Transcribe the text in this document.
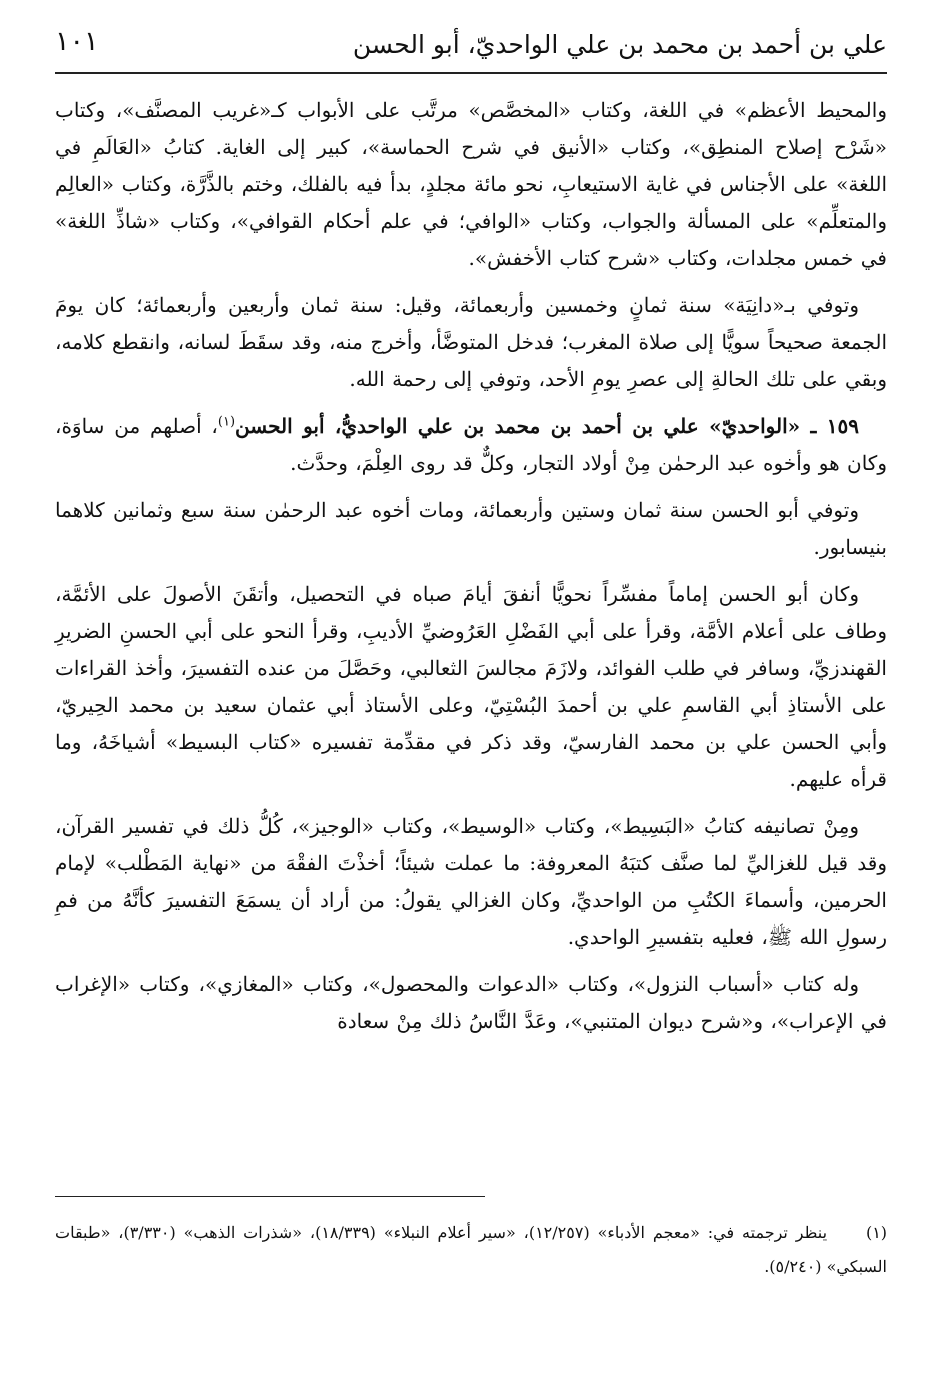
علي بن أحمد بن محمد بن علي الواحديّ، أبو الحسن
١٠١

والمحيط الأعظم» في اللغة، وكتاب «المخصَّص» مرتَّب على الأبواب كـ«غريب المصنَّف»، وكتاب «شَرْح إصلاح المنطِق»، وكتاب «الأنيق في شرح الحماسة»، كبير إلى الغاية. كتابُ «العَالَمِ في اللغة» على الأجناس في غاية الاستيعابِ، نحو مائة مجلدٍ، بدأ فيه بالفلك، وختم بالذَّرَّة، وكتاب «العالِم والمتعلِّم» على المسألة والجواب، وكتاب «الوافي؛ في علم أحكام القوافي»، وكتاب «شاذِّ اللغة» في خمس مجلدات، وكتاب «شرح كتاب الأخفش».

وتوفي بـ«دانِيَة» سنة ثمانٍ وخمسين وأربعمائة، وقيل: سنة ثمان وأربعين وأربعمائة؛ كان يومَ الجمعة صحيحاً سويًّا إلى صلاة المغرب؛ فدخل المتوضَّأ، وأخرج منه، وقد سقَطَ لسانه، وانقطع كلامه، وبقي على تلك الحالةِ إلى عصرِ يومِ الأحد، وتوفي إلى رحمة الله.

١٥٩ ـ «الواحديّ» علي بن أحمد بن محمد بن علي الواحديُّ، أبو الحسن$^{(١)}$، أصلهم من ساوَة، وكان هو وأخوه عبد الرحمٰن مِنْ أولاد التجار، وكلٌّ قد روى العِلْمَ، وحدَّث.

وتوفي أبو الحسن سنة ثمان وستين وأربعمائة، ومات أخوه عبد الرحمٰن سنة سبع وثمانين كلاهما بنيسابور.

وكان أبو الحسن إماماً مفسِّراً نحويًّا أنفقَ أيامَ صباه في التحصيل، وأتقَنَ الأصولَ على الأئمَّة، وطاف على أعلام الأمَّة، وقرأ على أبي الفَضْلِ العَرُوضيِّ الأديبِ، وقرأ النحو على أبي الحسنِ الضريرِ القهندزيِّ، وسافر في طلب الفوائد، ولازَمَ مجالسَ الثعالبي، وحَصَّلَ من عنده التفسيرَ، وأخذ القراءات على الأستاذِ أبي القاسمِ علي بن أحمدَ البُسْتِيّ، وعلى الأستاذ أبي عثمان سعيد بن محمد الحِيريّ، وأبي الحسن علي بن محمد الفارسيّ، وقد ذكر في مقدِّمة تفسيره «كتاب البسيط» أشياخَهُ، وما قرأه عليهم.

ومِنْ تصانيفه كتابُ «البَسِيط»، وكتاب «الوسيط»، وكتاب «الوجيز»، كُلُّ ذلك في تفسير القرآن، وقد قيل للغزاليِّ لما صنَّف كتبَهُ المعروفة: ما عملت شيئاً؛ أخذْتَ الفقْهَ من «نهاية المَطْلب» لإمام الحرمين، وأسماءَ الكتُبِ من الواحديِّ، وكان الغزالي يقولُ: من أراد أن يسمَعَ التفسيرَ كأنَّهُ من فمِ رسولِ الله ﷺ، فعليه بتفسيرِ الواحدي.

وله كتاب «أسباب النزول»، وكتاب «الدعوات والمحصول»، وكتاب «المغازي»، وكتاب «الإغراب في الإعراب»، و«شرح ديوان المتنبي»، وعَدَّ النَّاسُ ذلك مِنْ سعادة

(١)ينظر ترجمته في: «معجم الأدباء» (١٢/٢٥٧)، «سير أعلام النبلاء» (١٨/٣٣٩)، «شذرات الذهب» (٣/٣٣٠)، «طبقات السبكي» (٥/٢٤٠).
